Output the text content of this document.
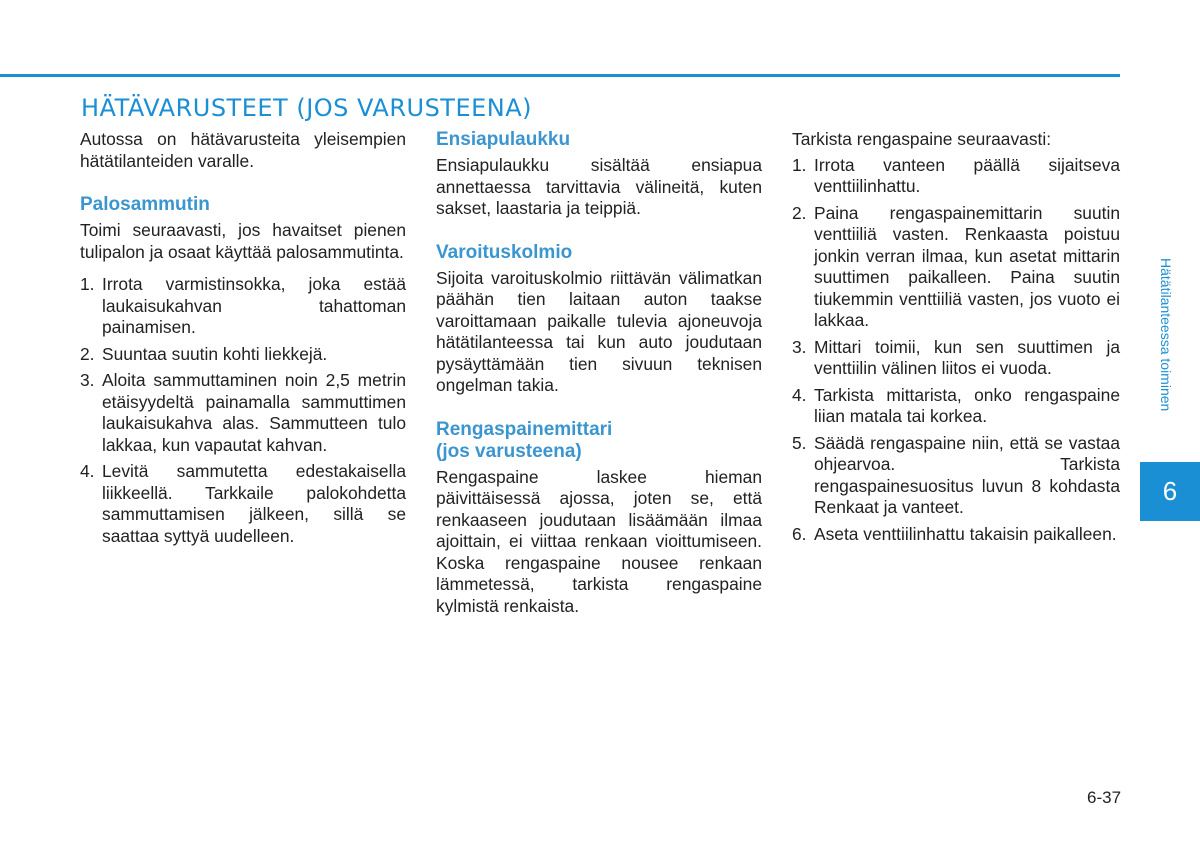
HÄTÄVARUSTEET (JOS VARUSTEENA)

Autossa on hätävarusteita yleisempien hätätilanteiden varalle.

Palosammutin

Toimi seuraavasti, jos havaitset pienen tulipalon ja osaat käyttää palosammutinta.

1. Irrota varmistinsokka, joka estää laukaisukahvan tahattoman painamisen.
2. Suuntaa suutin kohti liekkejä.
3. Aloita sammuttaminen noin 2,5 metrin etäisyydeltä painamalla sammuttimen laukaisukahva alas. Sammutteen tulo lakkaa, kun vapautat kahvan.
4. Levitä sammutetta edestakaisella liikkeellä. Tarkkaile palokohdetta sammuttamisen jälkeen, sillä se saattaa syttyä uudelleen.
Ensiapulaukku

Ensiapulaukku sisältää ensiapua annettaessa tarvittavia välineitä, kuten sakset, laastaria ja teippiä.

Varoituskolmio

Sijoita varoituskolmio riittävän välimatkan päähän tien laitaan auton taakse varoittamaan paikalle tulevia ajoneuvoja hätätilanteessa tai kun auto joudutaan pysäyttämään tien sivuun teknisen ongelman takia.

Rengaspainemittari
(jos varusteena)

Rengaspaine laskee hieman päivittäisessä ajossa, joten se, että renkaaseen joudutaan lisäämään ilmaa ajoittain, ei viittaa renkaan vioittumiseen. Koska rengaspaine nousee renkaan lämmetessä, tarkista rengaspaine kylmistä renkaista.

Tarkista rengaspaine seuraavasti:

1. Irrota vanteen päällä sijaitseva venttiilinhattu.
2. Paina rengaspainemittarin suutin venttiiliä vasten. Renkaasta poistuu jonkin verran ilmaa, kun asetat mittarin suuttimen paikalleen. Paina suutin tiukemmin venttiiliä vasten, jos vuoto ei lakkaa.
3. Mittari toimii, kun sen suuttimen ja venttiilin välinen liitos ei vuoda.
4. Tarkista mittarista, onko rengaspaine liian matala tai korkea.
5. Säädä rengaspaine niin, että se vastaa ohjearvoa. Tarkista rengaspainesuositus luvun 8 kohdasta Renkaat ja vanteet.
6. Aseta venttiilinhattu takaisin paikalleen.
Hätätilanteessa toiminen
6
6-37
